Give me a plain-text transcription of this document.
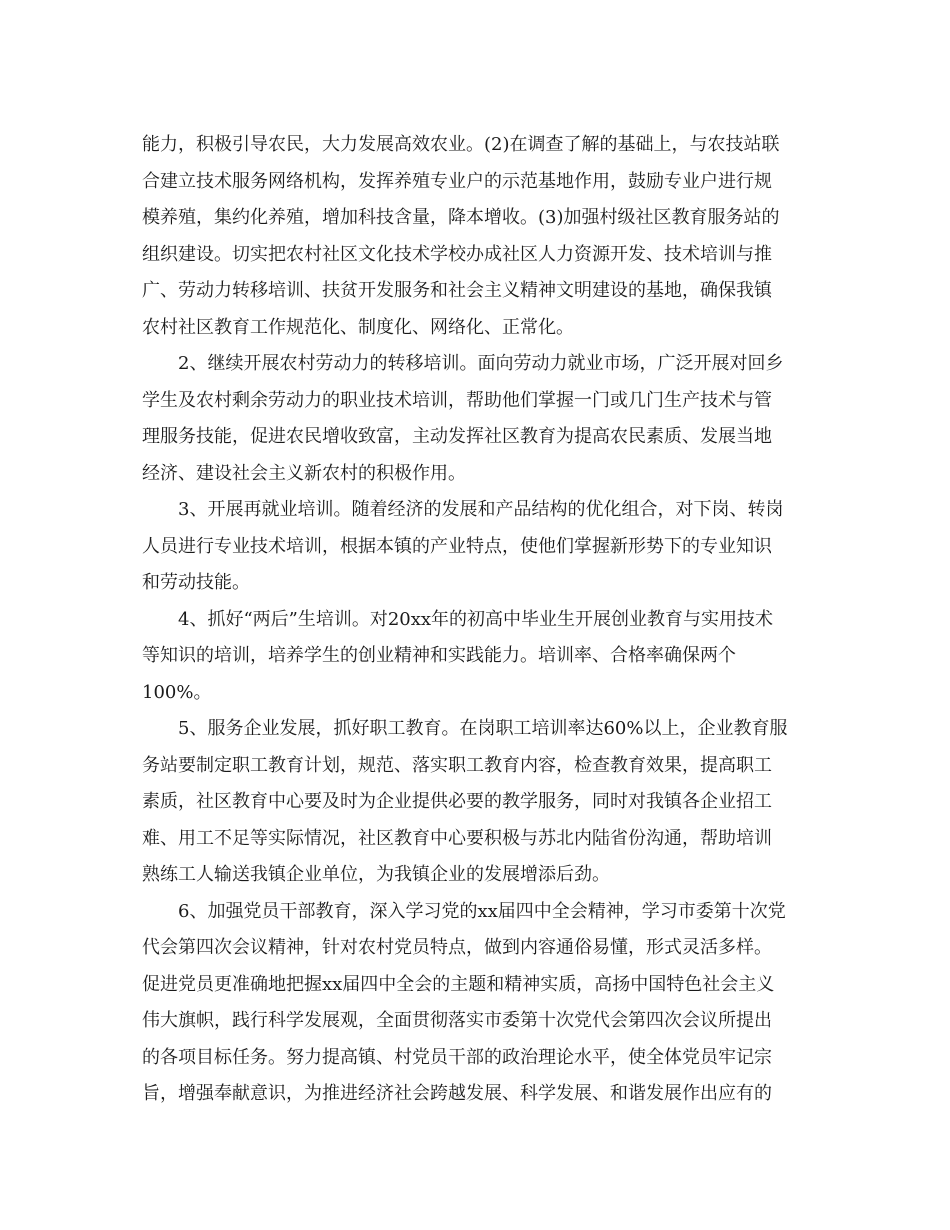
能力，积极引导农民，大力发展高效农业。(2)在调查了解的基础上，与农技站联
合建立技术服务网络机构，发挥养殖专业户的示范基地作用，鼓励专业户进行规
模养殖，集约化养殖，增加科技含量，降本增收。(3)加强村级社区教育服务站的
组织建设。切实把农村社区文化技术学校办成社区人力资源开发、技术培训与推
广、劳动力转移培训、扶贫开发服务和社会主义精神文明建设的基地，确保我镇
农村社区教育工作规范化、制度化、网络化、正常化。
2、继续开展农村劳动力的转移培训。面向劳动力就业市场，广泛开展对回乡
学生及农村剩余劳动力的职业技术培训，帮助他们掌握一门或几门生产技术与管
理服务技能，促进农民增收致富，主动发挥社区教育为提高农民素质、发展当地
经济、建设社会主义新农村的积极作用。
3、开展再就业培训。随着经济的发展和产品结构的优化组合，对下岗、转岗
人员进行专业技术培训，根据本镇的产业特点，使他们掌握新形势下的专业知识
和劳动技能。
4、抓好“两后”生培训。对20xx年的初高中毕业生开展创业教育与实用技术
等知识的培训，培养学生的创业精神和实践能力。培训率、合格率确保两个
100%。
5、服务企业发展，抓好职工教育。在岗职工培训率达60%以上，企业教育服
务站要制定职工教育计划，规范、落实职工教育内容，检查教育效果，提高职工
素质，社区教育中心要及时为企业提供必要的教学服务，同时对我镇各企业招工
难、用工不足等实际情况，社区教育中心要积极与苏北内陆省份沟通，帮助培训
熟练工人输送我镇企业单位，为我镇企业的发展增添后劲。
6、加强党员干部教育，深入学习党的xx届四中全会精神，学习市委第十次党
代会第四次会议精神，针对农村党员特点，做到内容通俗易懂，形式灵活多样。
促进党员更准确地把握xx届四中全会的主题和精神实质，高扬中国特色社会主义
伟大旗帜，践行科学发展观，全面贯彻落实市委第十次党代会第四次会议所提出
的各项目标任务。努力提高镇、村党员干部的政治理论水平，使全体党员牢记宗
旨，增强奉献意识，为推进经济社会跨越发展、科学发展、和谐发展作出应有的
